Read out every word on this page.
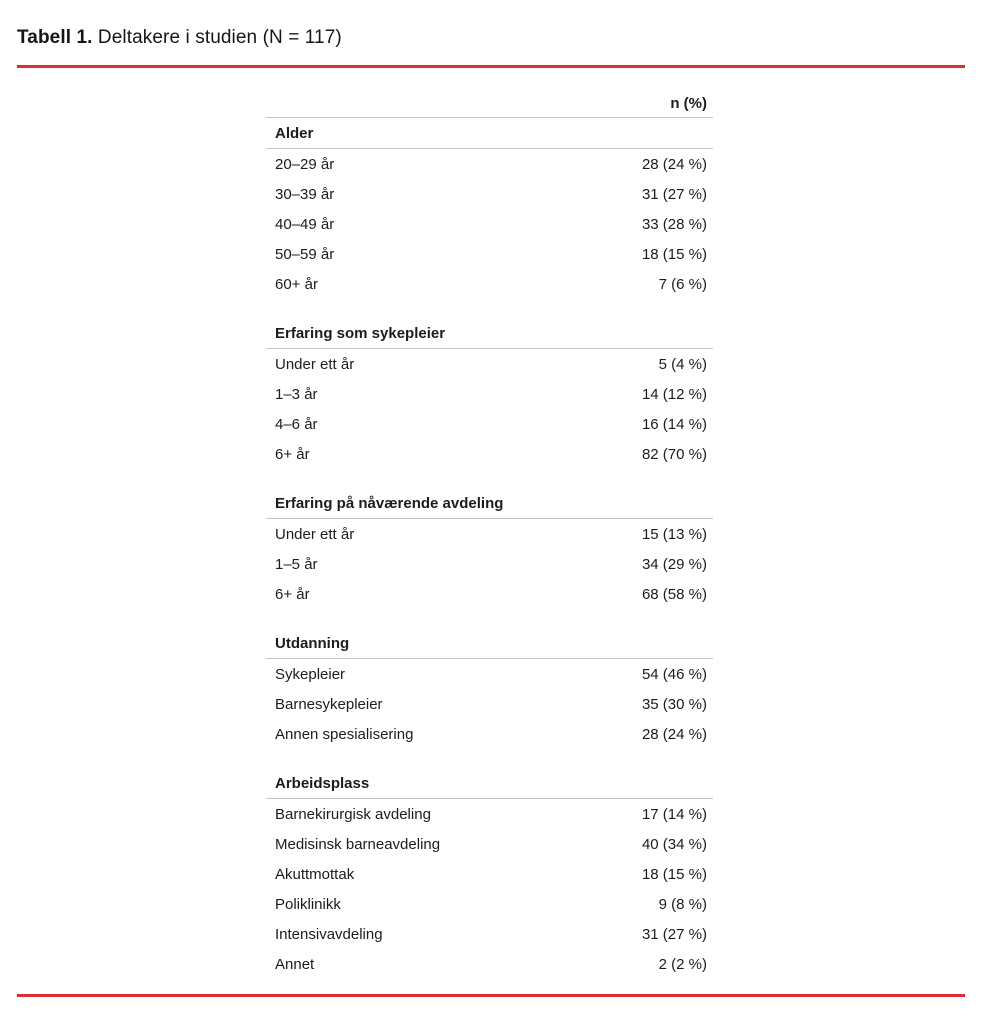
Tabell 1. Deltakere i studien (N = 117)
n (%)
Alder
20–29 år	28 (24 %)
30–39 år	31 (27 %)
40–49 år	33 (28 %)
50–59 år	18 (15 %)
60+ år	7 (6 %)
Erfaring som sykepleier
Under ett år	5 (4 %)
1–3 år	14 (12 %)
4–6 år	16 (14 %)
6+ år	82 (70 %)
Erfaring på nåværende avdeling
Under ett år	15 (13 %)
1–5 år	34 (29 %)
6+ år	68 (58 %)
Utdanning
Sykepleier	54 (46 %)
Barnesykepleier	35 (30 %)
Annen spesialisering	28 (24 %)
Arbeidsplass
Barnekirurgisk avdeling	17 (14 %)
Medisinsk barneavdeling	40 (34 %)
Akuttmottak	18 (15 %)
Poliklinikk	9 (8 %)
Intensivavdeling	31 (27 %)
Annet	2 (2 %)
